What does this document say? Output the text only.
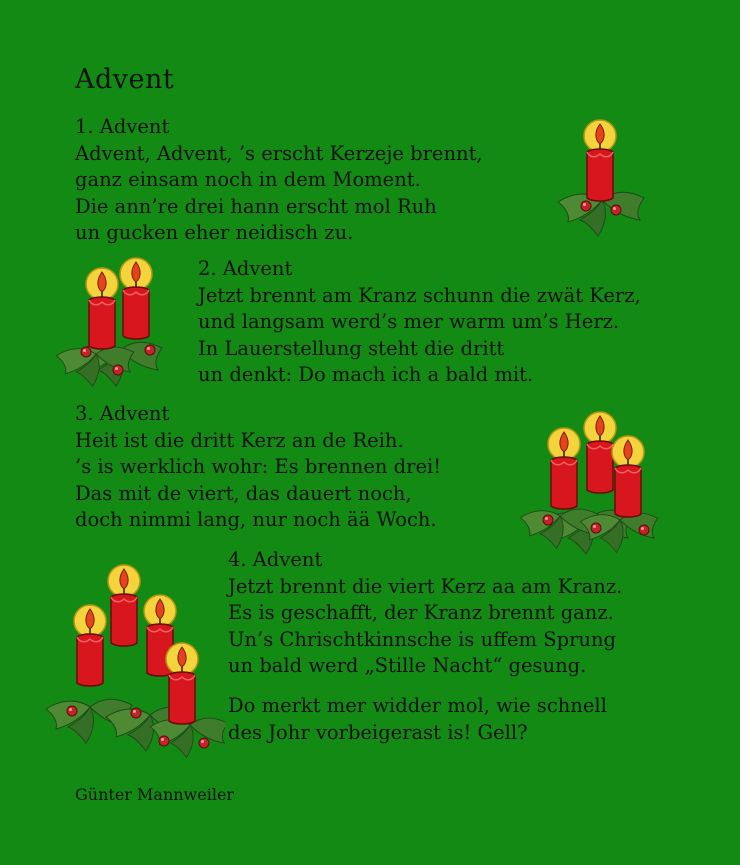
Advent
1. Advent
Advent, Advent, ’s erscht Kerzeje brennt,
ganz einsam noch in dem Moment.
Die ann’re drei hann erscht mol Ruh
un gucken eher neidisch zu.
2. Advent
Jetzt brennt am Kranz schunn die zwät Kerz,
und langsam werd’s mer warm um’s Herz.
In Lauerstellung steht die dritt
un denkt: Do mach ich a bald mit.
3. Advent
Heit ist die dritt Kerz an de Reih.
’s is werklich wohr: Es brennen drei!
Das mit de viert, das dauert noch,
doch nimmi lang, nur noch ää Woch.
4. Advent
Jetzt brennt die viert Kerz aa am Kranz.
Es is geschafft, der Kranz brennt ganz.
Un’s Chrischtkinnsche is uffem Sprung
un bald werd „Stille Nacht“ gesung.
Do merkt mer widder mol, wie schnell
des Johr vorbeigerast is! Gell?
Günter Mannweiler
